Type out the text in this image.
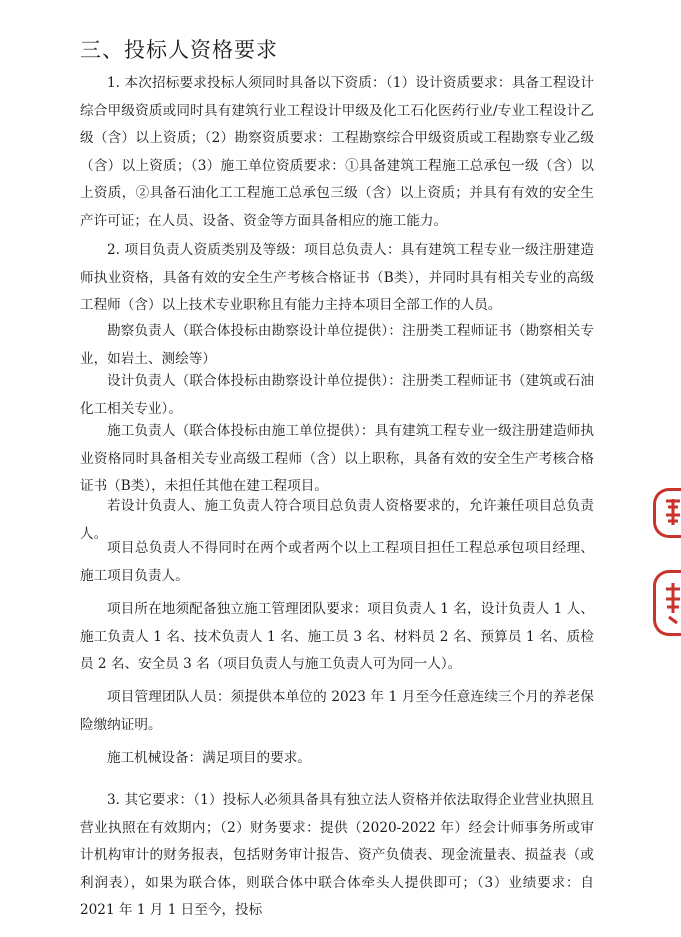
三、投标人资格要求

1. 本次招标要求投标人须同时具备以下资质：（1）设计资质要求：具备工程设计综合甲级资质或同时具有建筑行业工程设计甲级及化工石化医药行业/专业工程设计乙级（含）以上资质；（2）勘察资质要求：工程勘察综合甲级资质或工程勘察专业乙级（含）以上资质；（3）施工单位资质要求：①具备建筑工程施工总承包一级（含）以上资质，②具备石油化工工程施工总承包三级（含）以上资质；并具有有效的安全生产许可证；在人员、设备、资金等方面具备相应的施工能力。

2. 项目负责人资质类别及等级：项目总负责人：具有建筑工程专业一级注册建造师执业资格，具备有效的安全生产考核合格证书（B类），并同时具有相关专业的高级工程师（含）以上技术专业职称且有能力主持本项目全部工作的人员。

勘察负责人（联合体投标由勘察设计单位提供）：注册类工程师证书（勘察相关专业，如岩土、测绘等）

设计负责人（联合体投标由勘察设计单位提供）：注册类工程师证书（建筑或石油化工相关专业）。

施工负责人（联合体投标由施工单位提供）：具有建筑工程专业一级注册建造师执业资格同时具备相关专业高级工程师（含）以上职称，具备有效的安全生产考核合格证书（B类），未担任其他在建工程项目。

若设计负责人、施工负责人符合项目总负责人资格要求的，允许兼任项目总负责人。

项目总负责人不得同时在两个或者两个以上工程项目担任工程总承包项目经理、施工项目负责人。

项目所在地须配备独立施工管理团队要求：项目负责人 1 名，设计负责人 1 人、施工负责人 1 名、技术负责人 1 名、施工员 3 名、材料员 2 名、预算员 1 名、质检员 2 名、安全员 3 名（项目负责人与施工负责人可为同一人）。

项目管理团队人员：须提供本单位的 2023 年 1 月至今任意连续三个月的养老保险缴纳证明。

施工机械设备：满足项目的要求。

3. 其它要求：（1）投标人必须具备具有独立法人资格并依法取得企业营业执照且营业执照在有效期内；（2）财务要求：提供（2020-2022 年）经会计师事务所或审计机构审计的财务报表，包括财务审计报告、资产负债表、现金流量表、损益表（或利润表），如果为联合体，则联合体中联合体牵头人提供即可；（3）业绩要求：自 2021 年 1 月 1 日至今，投标
